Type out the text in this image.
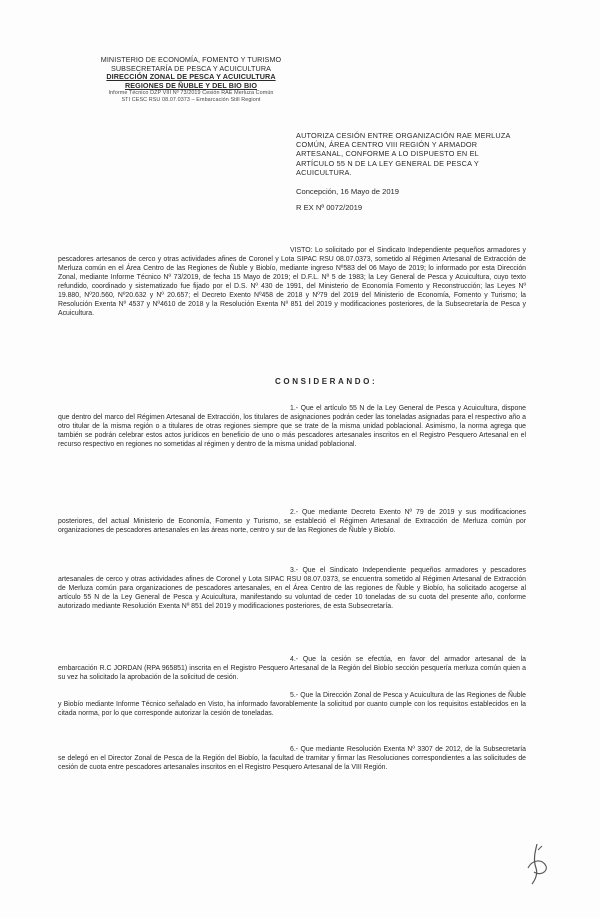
MINISTERIO DE ECONOMÍA, FOMENTO Y TURISMO
SUBSECRETARÍA DE PESCA Y ACUICULTURA
DIRECCIÓN ZONAL DE PESCA Y ACUICULTURA
REGIONES DE ÑUBLE Y DEL BIO BIO
Informe Técnico DZP VIII Nº 73/2019 Cesión RAE Merluza Común
STI CESC RSU 08.07.0373 – Embarcación Still Regiont
AUTORIZA CESIÓN ENTRE ORGANIZACIÓN RAE MERLUZA COMÚN, ÁREA CENTRO VIII REGIÓN Y ARMADOR ARTESANAL, CONFORME A LO DISPUESTO EN EL ARTÍCULO 55 N DE LA LEY GENERAL DE PESCA Y ACUICULTURA.
Concepción, 16 Mayo de 2019
R EX Nº 0072/2019
VISTO: Lo solicitado por el Sindicato Independiente pequeños armadores y pescadores artesanos de cerco y otras actividades afines de Coronel y Lota SIPAC RSU 08.07.0373, sometido al Régimen Artesanal de Extracción de Merluza común en el Área Centro de las Regiones de Ñuble y Biobío, mediante ingreso Nº583 del 06 Mayo de 2019; lo informado por esta Dirección Zonal, mediante Informe Técnico Nº 73/2019, de fecha 15 Mayo de 2019; el D.F.L. Nº 5 de 1983; la Ley General de Pesca y Acuicultura, cuyo texto refundido, coordinado y sistematizado fue fijado por el D.S. Nº 430 de 1991, del Ministerio de Economía Fomento y Reconstrucción; las Leyes Nº 19.880, Nº20.560, Nº20.632 y Nº 20.657; el Decreto Exento Nº458 de 2018 y Nº79 del 2019 del Ministerio de Economía, Fomento y Turismo; la Resolución Exenta Nº 4537 y Nº4610 de 2018 y la Resolución Exenta Nº 851 del 2019 y modificaciones posteriores, de la Subsecretaría de Pesca y Acuicultura.
CONSIDERANDO:
1.- Que el artículo 55 N de la Ley General de Pesca y Acuicultura, dispone que dentro del marco del Régimen Artesanal de Extracción, los titulares de asignaciones podrán ceder las toneladas asignadas para el respectivo año a otro titular de la misma región o a titulares de otras regiones siempre que se trate de la misma unidad poblacional. Asimismo, la norma agrega que también se podrán celebrar estos actos jurídicos en beneficio de uno o más pescadores artesanales inscritos en el Registro Pesquero Artesanal en el recurso respectivo en regiones no sometidas al régimen y dentro de la misma unidad poblacional.
2.- Que mediante Decreto Exento Nº 79 de 2019 y sus modificaciones posteriores, del actual Ministerio de Economía, Fomento y Turismo, se estableció el Régimen Artesanal de Extracción de Merluza común por organizaciones de pescadores artesanales en las áreas norte, centro y sur de las Regiones de Ñuble y Biobío.
3.- Que el Sindicato Independiente pequeños armadores y pescadores artesanales de cerco y otras actividades afines de Coronel y Lota SIPAC RSU 08.07.0373, se encuentra sometido al Régimen Artesanal de Extracción de Merluza común para organizaciones de pescadores artesanales, en el Área Centro de las regiones de Ñuble y Biobío, ha solicitado acogerse al artículo 55 N de la Ley General de Pesca y Acuicultura, manifestando su voluntad de ceder 10 toneladas de su cuota del presente año, conforme autorizado mediante Resolución Exenta Nº 851 del 2019 y modificaciones posteriores, de esta Subsecretaría.
4.- Que la cesión se efectúa, en favor del armador artesanal de la embarcación R.C JORDAN (RPA 965851) inscrita en el Registro Pesquero Artesanal de la Región del Biobío sección pesquería merluza común quien a su vez ha solicitado la aprobación de la solicitud de cesión.
5.- Que la Dirección Zonal de Pesca y Acuicultura de las Regiones de Ñuble y Biobío mediante Informe Técnico señalado en Visto, ha informado favorablemente la solicitud por cuanto cumple con los requisitos establecidos en la citada norma, por lo que corresponde autorizar la cesión de toneladas.
6.- Que mediante Resolución Exenta Nº 3307 de 2012, de la Subsecretaría se delegó en el Director Zonal de Pesca de la Región del Biobío, la facultad de tramitar y firmar las Resoluciones correspondientes a las solicitudes de cesión de cuota entre pescadores artesanales inscritos en el Registro Pesquero Artesanal de la VIII Región.
